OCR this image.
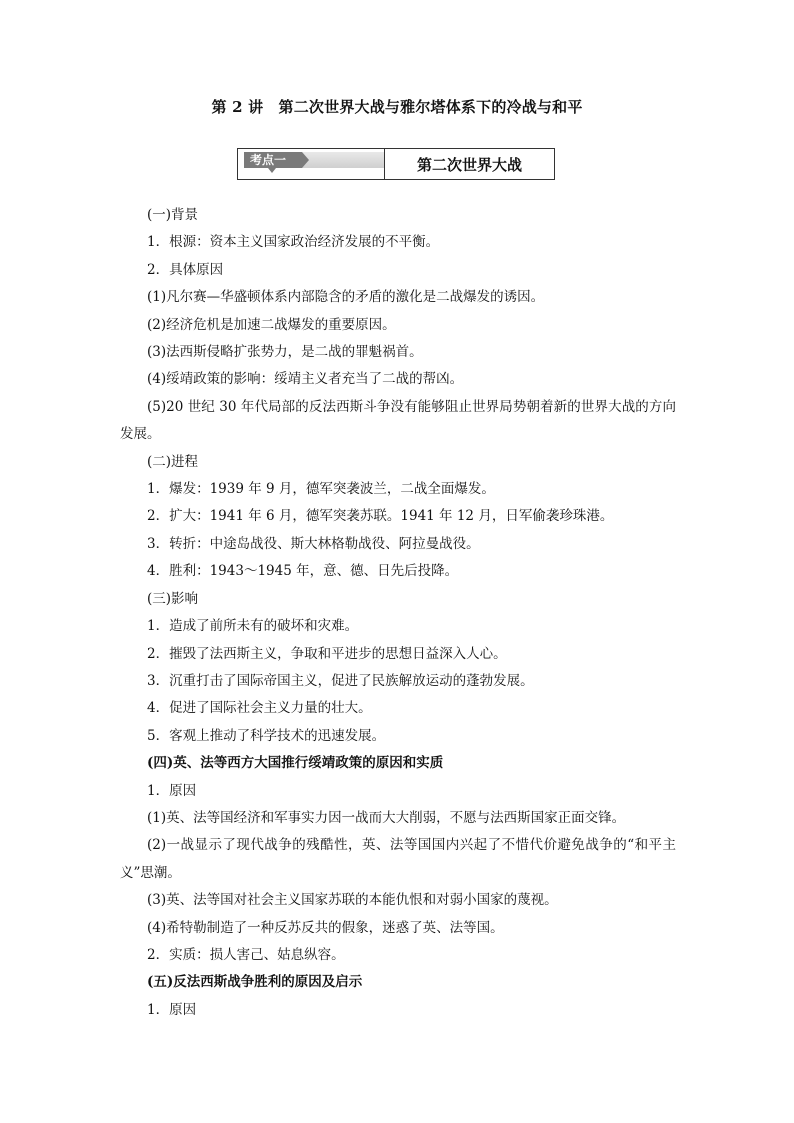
第 2 讲　第二次世界大战与雅尔塔体系下的冷战与和平
考点一	第二次世界大战

(一)背景

1．根源：资本主义国家政治经济发展的不平衡。

2．具体原因

(1)凡尔赛—华盛顿体系内部隐含的矛盾的激化是二战爆发的诱因。

(2)经济危机是加速二战爆发的重要原因。

(3)法西斯侵略扩张势力，是二战的罪魁祸首。

(4)绥靖政策的影响：绥靖主义者充当了二战的帮凶。

(5)20 世纪 30 年代局部的反法西斯斗争没有能够阻止世界局势朝着新的世界大战的方向发展。

(二)进程

1．爆发：1939 年 9 月，德军突袭波兰，二战全面爆发。

2．扩大：1941 年 6 月，德军突袭苏联。1941 年 12 月，日军偷袭珍珠港。

3．转折：中途岛战役、斯大林格勒战役、阿拉曼战役。

4．胜利：1943～1945 年，意、德、日先后投降。

(三)影响

1．造成了前所未有的破坏和灾难。

2．摧毁了法西斯主义，争取和平进步的思想日益深入人心。

3．沉重打击了国际帝国主义，促进了民族解放运动的蓬勃发展。

4．促进了国际社会主义力量的壮大。

5．客观上推动了科学技术的迅速发展。

(四)英、法等西方大国推行绥靖政策的原因和实质

1．原因

(1)英、法等国经济和军事实力因一战而大大削弱，不愿与法西斯国家正面交锋。

(2)一战显示了现代战争的残酷性，英、法等国国内兴起了不惜代价避免战争的“和平主义”思潮。

(3)英、法等国对社会主义国家苏联的本能仇恨和对弱小国家的蔑视。

(4)希特勒制造了一种反苏反共的假象，迷惑了英、法等国。

2．实质：损人害己、姑息纵容。

(五)反法西斯战争胜利的原因及启示

1．原因
